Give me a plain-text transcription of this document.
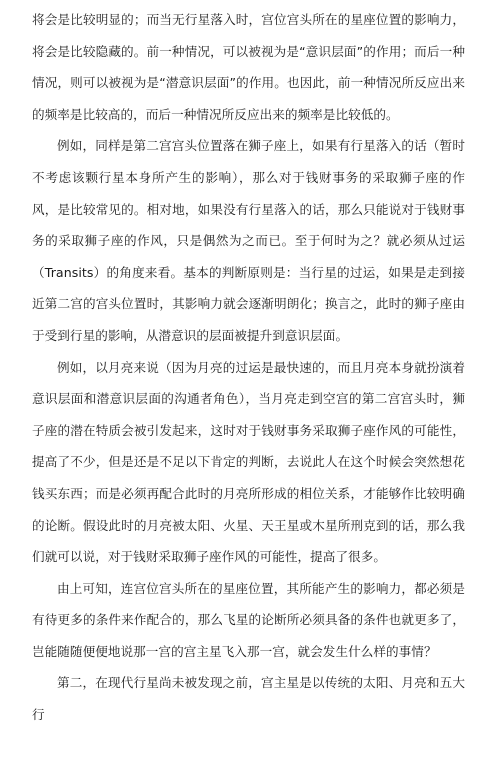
将会是比较明显的；而当无行星落入时，宫位宫头所在的星座位置的影响力，将会是比较隐藏的。前一种情况，可以被视为是“意识层面”的作用；而后一种情况，则可以被视为是“潜意识层面”的作用。也因此，前一种情况所反应出来的频率是比较高的，而后一种情况所反应出来的频率是比较低的。

例如，同样是第二宫宫头位置落在狮子座上，如果有行星落入的话（暂时不考虑该颗行星本身所产生的影响），那么对于钱财事务的采取狮子座的作风，是比较常见的。相对地，如果没有行星落入的话，那么只能说对于钱财事务的采取狮子座的作风，只是偶然为之而已。至于何时为之？就必须从过运（Transits）的角度来看。基本的判断原则是：当行星的过运，如果是走到接近第二宫的宫头位置时，其影响力就会逐渐明朗化；换言之，此时的狮子座由于受到行星的影响，从潜意识的层面被提升到意识层面。

例如，以月亮来说（因为月亮的过运是最快速的，而且月亮本身就扮演着意识层面和潜意识层面的沟通者角色），当月亮走到空宫的第二宫宫头时，狮子座的潜在特质会被引发起来，这时对于钱财事务采取狮子座作风的可能性，提高了不少，但是还是不足以下肯定的判断，去说此人在这个时候会突然想花钱买东西；而是必须再配合此时的月亮所形成的相位关系，才能够作比较明确的论断。假设此时的月亮被太阳、火星、天王星或木星所刑克到的话，那么我们就可以说，对于钱财采取狮子座作风的可能性，提高了很多。

由上可知，连宫位宫头所在的星座位置，其所能产生的影响力，都必须是有待更多的条件来作配合的，那么飞星的论断所必须具备的条件也就更多了，岂能随随便便地说那一宫的宫主星飞入那一宫，就会发生什么样的事情？

第二，在现代行星尚未被发现之前，宫主星是以传统的太阳、月亮和五大行
